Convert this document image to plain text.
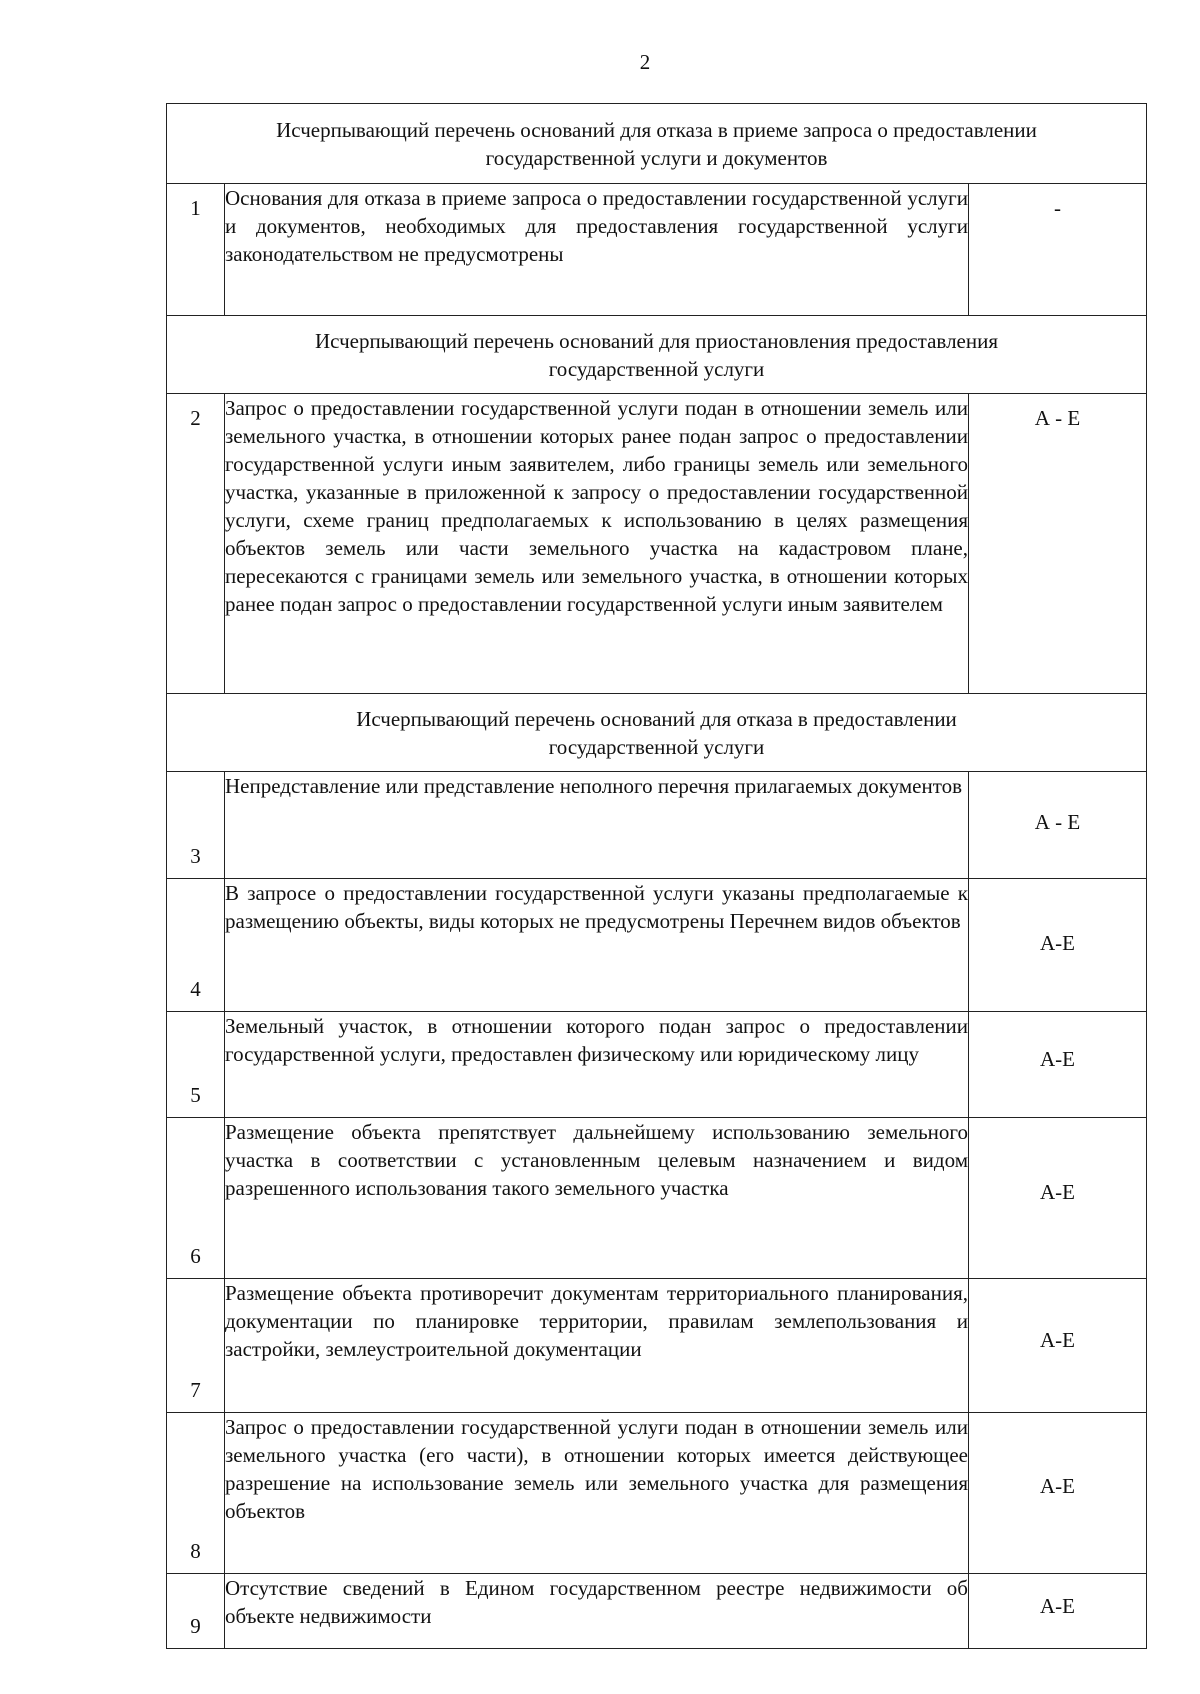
2
Исчерпывающий перечень оснований для отказа в приеме запроса о предоставлении
государственной услуги и документов		

1	Основания для отказа в приеме запроса о предоставлении государственной услуги и документов, необходимых для предоставления государственной услуги законодательством не предусмотрены	-

Исчерпывающий перечень оснований для приостановления предоставления
государственной услуги		

2	Запрос о предоставлении государственной услуги подан в отношении земель или земельного участка, в отношении которых ранее подан запрос о предоставлении государственной услуги иным заявителем, либо границы земель или земельного участка, указанные в приложенной к запросу о предоставлении государственной услуги, схеме границ предполагаемых к использованию в целях размещения объектов земель или части земельного участка на кадастровом плане, пересекаются с границами земель или земельного участка, в отношении которых ранее подан запрос о предоставлении государственной услуги иным заявителем	А - Е

Исчерпывающий перечень оснований для отказа в предоставлении
государственной услуги		

3	Непредставление или представление неполного перечня прилагаемых документов	А - Е
4	В запросе о предоставлении государственной услуги указаны предполагаемые к размещению объекты, виды которых не предусмотрены Перечнем видов объектов	А-Е
5	Земельный участок, в отношении которого подан запрос о предоставлении государственной услуги, предоставлен физическому или юридическому лицу	А-Е
6	Размещение объекта препятствует дальнейшему использованию земельного участка в соответствии с установленным целевым назначением и видом разрешенного использования такого земельного участка	А-Е
7	Размещение объекта противоречит документам территориального планирования, документации по планировке территории, правилам землепользования и застройки, землеустроительной документации	А-Е
8	Запрос о предоставлении государственной услуги подан в отношении земель или земельного участка (его части), в отношении которых имеется действующее разрешение на использование земель или земельного участка для размещения объектов	А-Е
9	Отсутствие сведений в Едином государственном реестре недвижимости об объекте недвижимости	А-Е
